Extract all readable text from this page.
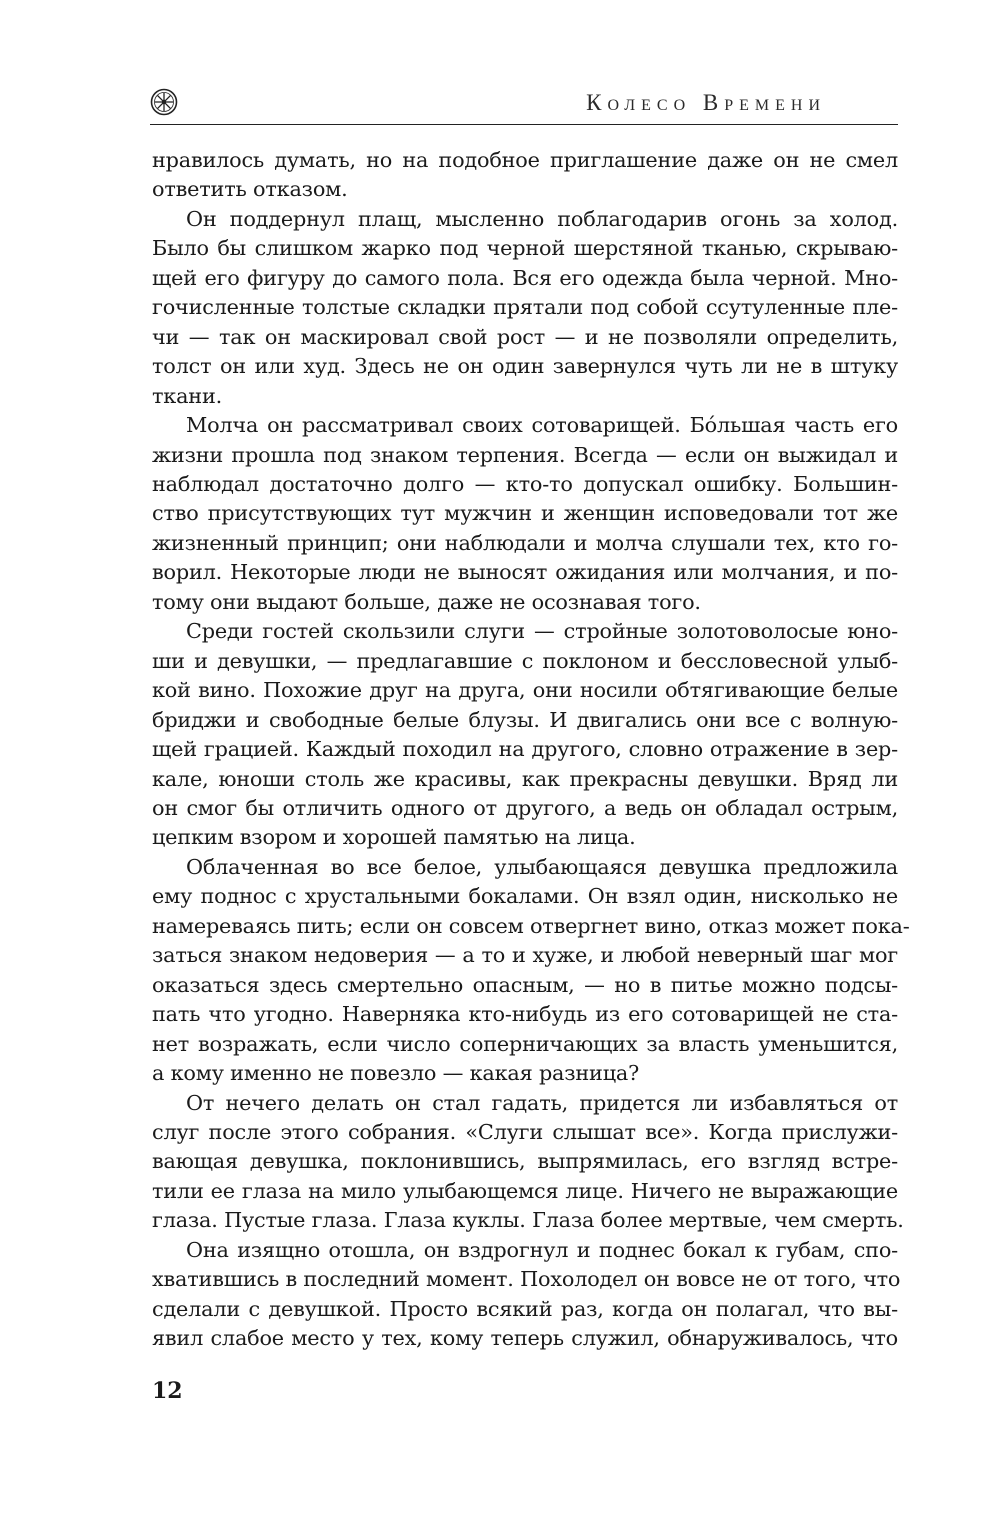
Колесо Времени
нравилось думать, но на подобное приглашение даже он не смел
ответить отказом.
Он поддернул плащ, мысленно поблагодарив огонь за холод.
Было бы слишком жарко под черной шерстяной тканью, скрываю-
щей его фигуру до самого пола. Вся его одежда была черной. Мно-
гочисленные толстые складки прятали под собой ссутуленные пле-
чи — так он маскировал свой рост — и не позволяли определить,
толст он или худ. Здесь не он один завернулся чуть ли не в штуку
ткани.
Молча он рассматривал своих сотоварищей. Бóльшая часть его
жизни прошла под знаком терпения. Всегда — если он выжидал и
наблюдал достаточно долго — кто-то допускал ошибку. Большин-
ство присутствующих тут мужчин и женщин исповедовали тот же
жизненный принцип; они наблюдали и молча слушали тех, кто го-
ворил. Некоторые люди не выносят ожидания или молчания, и по-
тому они выдают больше, даже не осознавая того.
Среди гостей скользили слуги — стройные золотоволосые юно-
ши и девушки, — предлагавшие с поклоном и бессловесной улыб-
кой вино. Похожие друг на друга, они носили обтягивающие белые
бриджи и свободные белые блузы. И двигались они все с волную-
щей грацией. Каждый походил на другого, словно отражение в зер-
кале, юноши столь же красивы, как прекрасны девушки. Вряд ли
он смог бы отличить одного от другого, а ведь он обладал острым,
цепким взором и хорошей памятью на лица.
Облаченная во все белое, улыбающаяся девушка предложила
ему поднос с хрустальными бокалами. Он взял один, нисколько не
намереваясь пить; если он совсем отвергнет вино, отказ может пока-
заться знаком недоверия — а то и хуже, и любой неверный шаг мог
оказаться здесь смертельно опасным, — но в питье можно подсы-
пать что угодно. Наверняка кто-нибудь из его сотоварищей не ста-
нет возражать, если число соперничающих за власть уменьшится,
а кому именно не повезло — какая разница?
От нечего делать он стал гадать, придется ли избавляться от
слуг после этого собрания. «Слуги слышат все». Когда прислужи-
вающая девушка, поклонившись, выпрямилась, его взгляд встре-
тили ее глаза на мило улыбающемся лице. Ничего не выражающие
глаза. Пустые глаза. Глаза куклы. Глаза более мертвые, чем смерть.
Она изящно отошла, он вздрогнул и поднес бокал к губам, спо-
хватившись в последний момент. Похолодел он вовсе не от того, что
сделали с девушкой. Просто всякий раз, когда он полагал, что вы-
явил слабое место у тех, кому теперь служил, обнаруживалось, что
12
